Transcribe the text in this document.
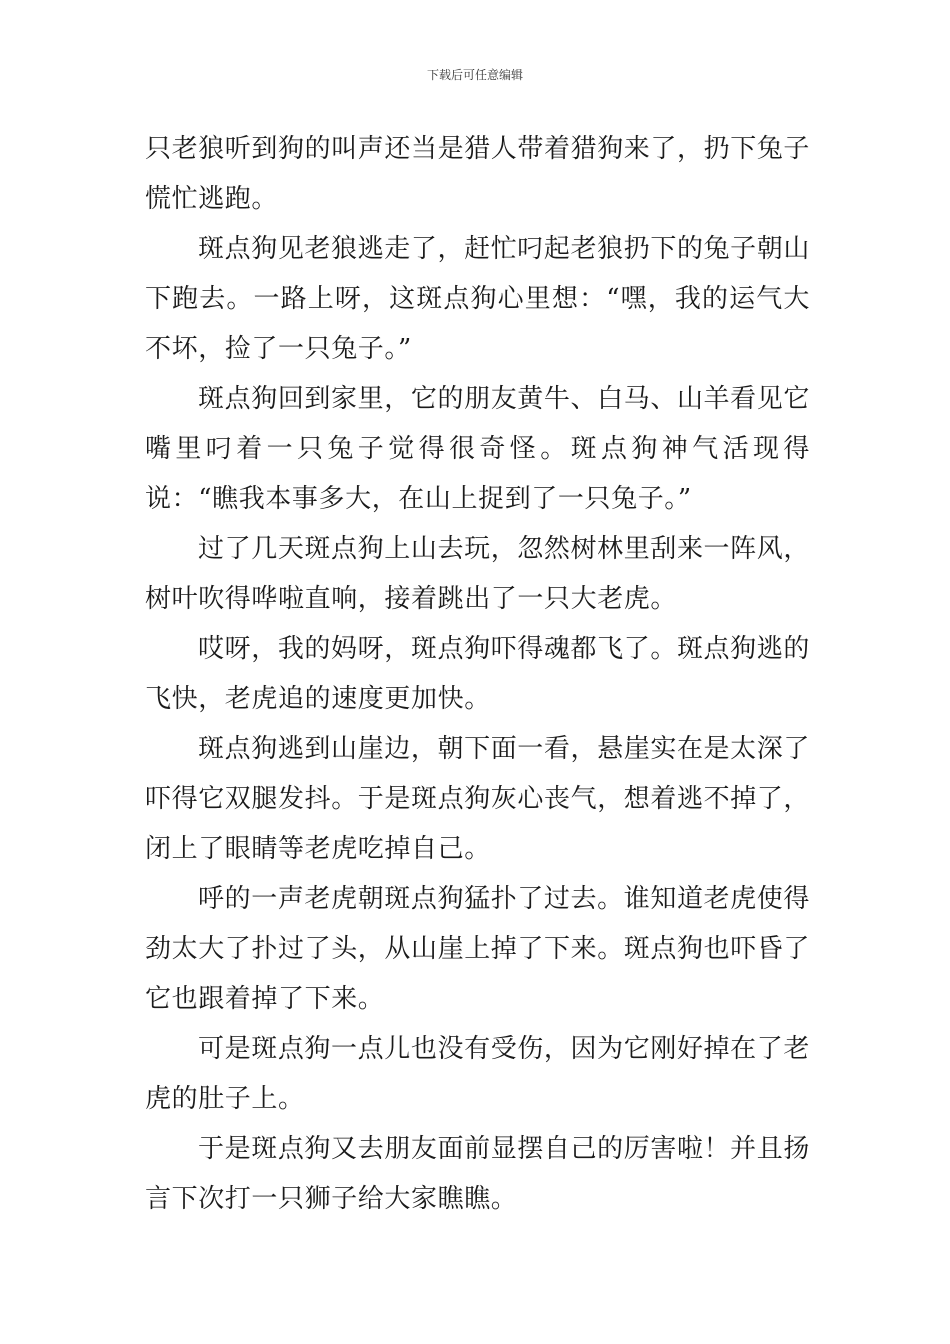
下载后可任意编辑

只老狼听到狗的叫声还当是猎人带着猎狗来了，扔下兔子慌忙逃跑。

斑点狗见老狼逃走了，赶忙叼起老狼扔下的兔子朝山下跑去。一路上呀，这斑点狗心里想：“嘿，我的运气大不坏，捡了一只兔子。”

斑点狗回到家里，它的朋友黄牛、白马、山羊看见它嘴里叼着一只兔子觉得很奇怪。斑点狗神气活现得说：“瞧我本事多大，在山上捉到了一只兔子。”

过了几天斑点狗上山去玩，忽然树林里刮来一阵风，树叶吹得哗啦直响，接着跳出了一只大老虎。

哎呀，我的妈呀，斑点狗吓得魂都飞了。斑点狗逃的飞快，老虎追的速度更加快。

斑点狗逃到山崖边，朝下面一看，悬崖实在是太深了吓得它双腿发抖。于是斑点狗灰心丧气，想着逃不掉了，闭上了眼睛等老虎吃掉自己。

呼的一声老虎朝斑点狗猛扑了过去。谁知道老虎使得劲太大了扑过了头，从山崖上掉了下来。斑点狗也吓昏了它也跟着掉了下来。

可是斑点狗一点儿也没有受伤，因为它刚好掉在了老虎的肚子上。

于是斑点狗又去朋友面前显摆自己的厉害啦！并且扬言下次打一只狮子给大家瞧瞧。
